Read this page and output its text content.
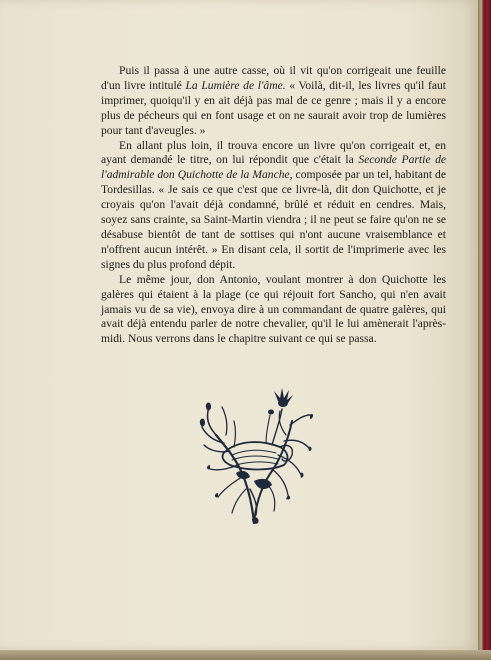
Puis il passa à une autre casse, où il vit qu'on corrigeait une feuille d'un livre intitulé La Lumière de l'âme. « Voilà, dit-il, les livres qu'il faut imprimer, quoiqu'il y en ait déjà pas mal de ce genre ; mais il y a encore plus de pécheurs qui en font usage et on ne saurait avoir trop de lumières pour tant d'aveugles. »

En allant plus loin, il trouva encore un livre qu'on corrigeait et, en ayant demandé le titre, on lui répondit que c'était la Seconde Partie de l'admirable don Quichotte de la Manche, composée par un tel, habitant de Tordesillas. « Je sais ce que c'est que ce livre-là, dit don Quichotte, et je croyais qu'on l'avait déjà condamné, brûlé et réduit en cendres. Mais, soyez sans crainte, sa Saint-Martin viendra ; il ne peut se faire qu'on ne se désabuse bientôt de tant de sottises qui n'ont aucune vraisemblance et n'offrent aucun intérêt. » En disant cela, il sortit de l'imprimerie avec les signes du plus profond dépit.

Le même jour, don Antonio, voulant montrer à don Quichotte les galères qui étaient à la plage (ce qui réjouit fort Sancho, qui n'en avait jamais vu de sa vie), envoya dire à un commandant de quatre galères, qui avait déjà entendu parler de notre chevalier, qu'il le lui amènerait l'après-midi. Nous verrons dans le chapitre suivant ce qui se passa.
